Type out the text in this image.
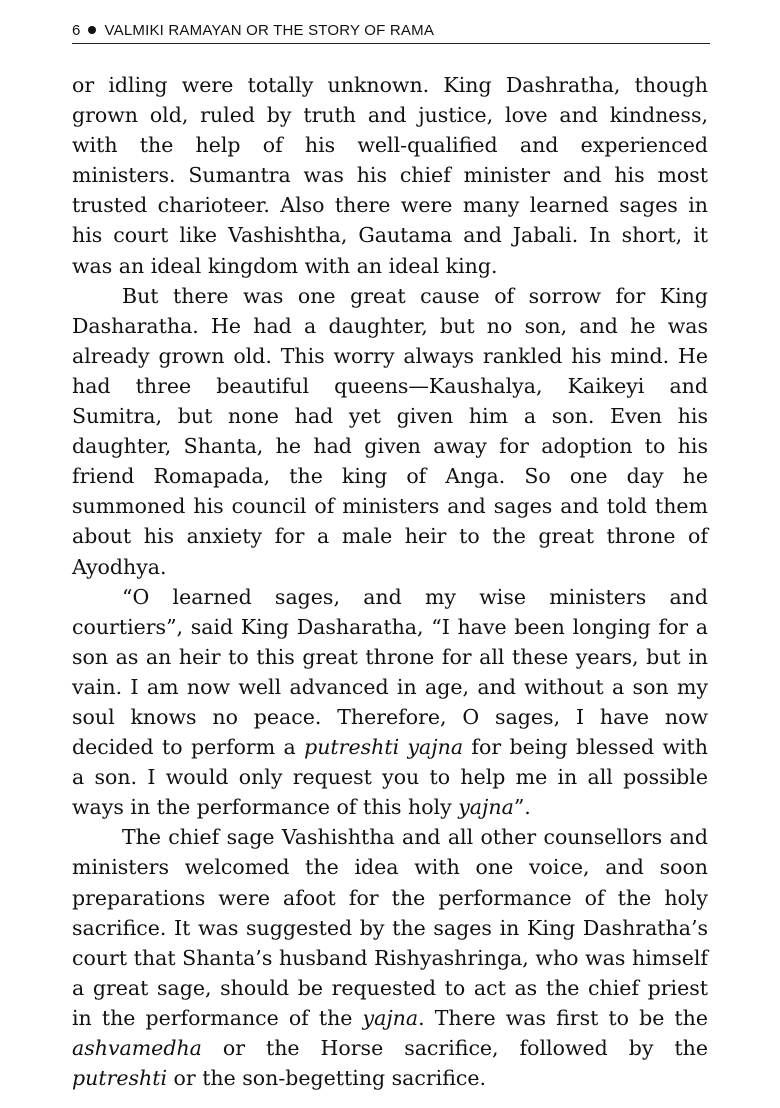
6 VALMIKI RAMAYAN OR THE STORY OF RAMA

or idling were totally unknown. King Dashratha, though grown old, ruled by truth and justice, love and kindness, with the help of his well-qualified and experienced ministers. Sumantra was his chief minister and his most trusted charioteer. Also there were many learned sages in his court like Vashishtha, Gautama and Jabali. In short, it was an ideal kingdom with an ideal king.

But there was one great cause of sorrow for King Dasharatha. He had a daughter, but no son, and he was already grown old. This worry always rankled his mind. He had three beautiful queens—Kaushalya, Kaikeyi and Sumitra, but none had yet given him a son. Even his daughter, Shanta, he had given away for adoption to his friend Romapada, the king of Anga. So one day he summoned his council of ministers and sages and told them about his anxiety for a male heir to the great throne of Ayodhya.

“O learned sages, and my wise ministers and courtiers”, said King Dasharatha, “I have been longing for a son as an heir to this great throne for all these years, but in vain. I am now well advanced in age, and without a son my soul knows no peace. Therefore, O sages, I have now decided to perform a putreshti yajna for being blessed with a son. I would only request you to help me in all possible ways in the performance of this holy yajna”.

The chief sage Vashishtha and all other counsellors and ministers welcomed the idea with one voice, and soon preparations were afoot for the performance of the holy sacrifice. It was suggested by the sages in King Dashratha’s court that Shanta’s husband Rishyashringa, who was himself a great sage, should be requested to act as the chief priest in the performance of the yajna. There was first to be the ashvamedha or the Horse sacrifice, followed by the putreshti or the son-begetting sacrifice.
